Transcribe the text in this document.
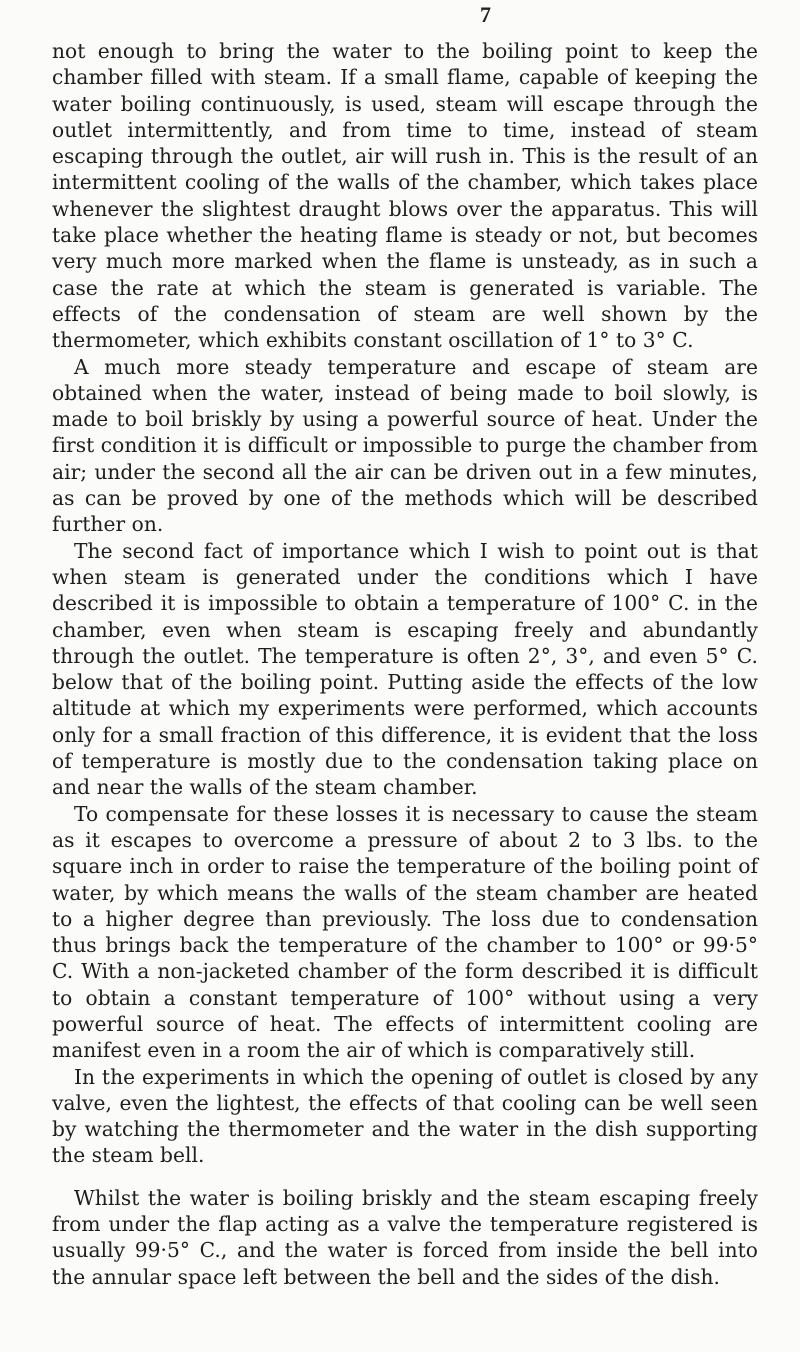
7

not enough to bring the water to the boiling point to keep the chamber filled with steam. If a small flame, capable of keeping the water boiling continuously, is used, steam will escape through the outlet intermittently, and from time to time, instead of steam escaping through the outlet, air will rush in. This is the result of an intermittent cooling of the walls of the chamber, which takes place whenever the slightest draught blows over the apparatus. This will take place whether the heating flame is steady or not, but becomes very much more marked when the flame is unsteady, as in such a case the rate at which the steam is generated is variable. The effects of the condensation of steam are well shown by the thermometer, which exhibits constant oscillation of 1° to 3° C.

A much more steady temperature and escape of steam are obtained when the water, instead of being made to boil slowly, is made to boil briskly by using a powerful source of heat. Under the first condition it is difficult or impossible to purge the chamber from air; under the second all the air can be driven out in a few minutes, as can be proved by one of the methods which will be described further on.

The second fact of importance which I wish to point out is that when steam is generated under the conditions which I have described it is impossible to obtain a temperature of 100° C. in the chamber, even when steam is escaping freely and abundantly through the outlet. The temperature is often 2°, 3°, and even 5° C. below that of the boiling point. Putting aside the effects of the low altitude at which my experiments were performed, which accounts only for a small fraction of this difference, it is evident that the loss of temperature is mostly due to the condensation taking place on and near the walls of the steam chamber.

To compensate for these losses it is necessary to cause the steam as it escapes to overcome a pressure of about 2 to 3 lbs. to the square inch in order to raise the temperature of the boiling point of water, by which means the walls of the steam chamber are heated to a higher degree than previously. The loss due to condensation thus brings back the temperature of the chamber to 100° or 99·5° C. With a non-jacketed chamber of the form described it is difficult to obtain a constant temperature of 100° without using a very powerful source of heat. The effects of intermittent cooling are manifest even in a room the air of which is comparatively still.

In the experiments in which the opening of outlet is closed by any valve, even the lightest, the effects of that cooling can be well seen by watching the thermometer and the water in the dish supporting the steam bell.

Whilst the water is boiling briskly and the steam escaping freely from under the flap acting as a valve the temperature registered is usually 99·5° C., and the water is forced from inside the bell into the annular space left between the bell and the sides of the dish.
